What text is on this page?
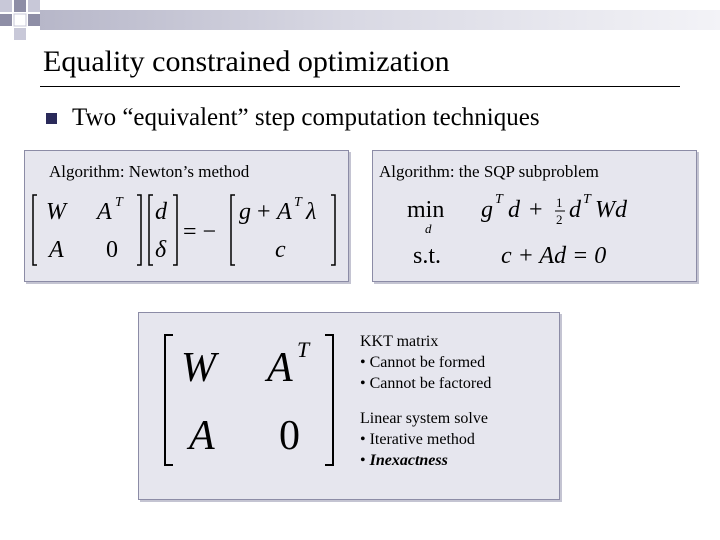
Equality constrained optimization
Two “equivalent” step computation techniques
Algorithm: Newton’s method
W A T
A 0
d
δ
= −
g + A T λ
c
Algorithm: the SQP subproblem
min
d
g T d + 1
2 d T Wd
s.t. c + Ad = 0
W A T
A 0
KKT matrix
• Cannot be formed
• Cannot be factored
Linear system solve
• Iterative method
• Inexactness
